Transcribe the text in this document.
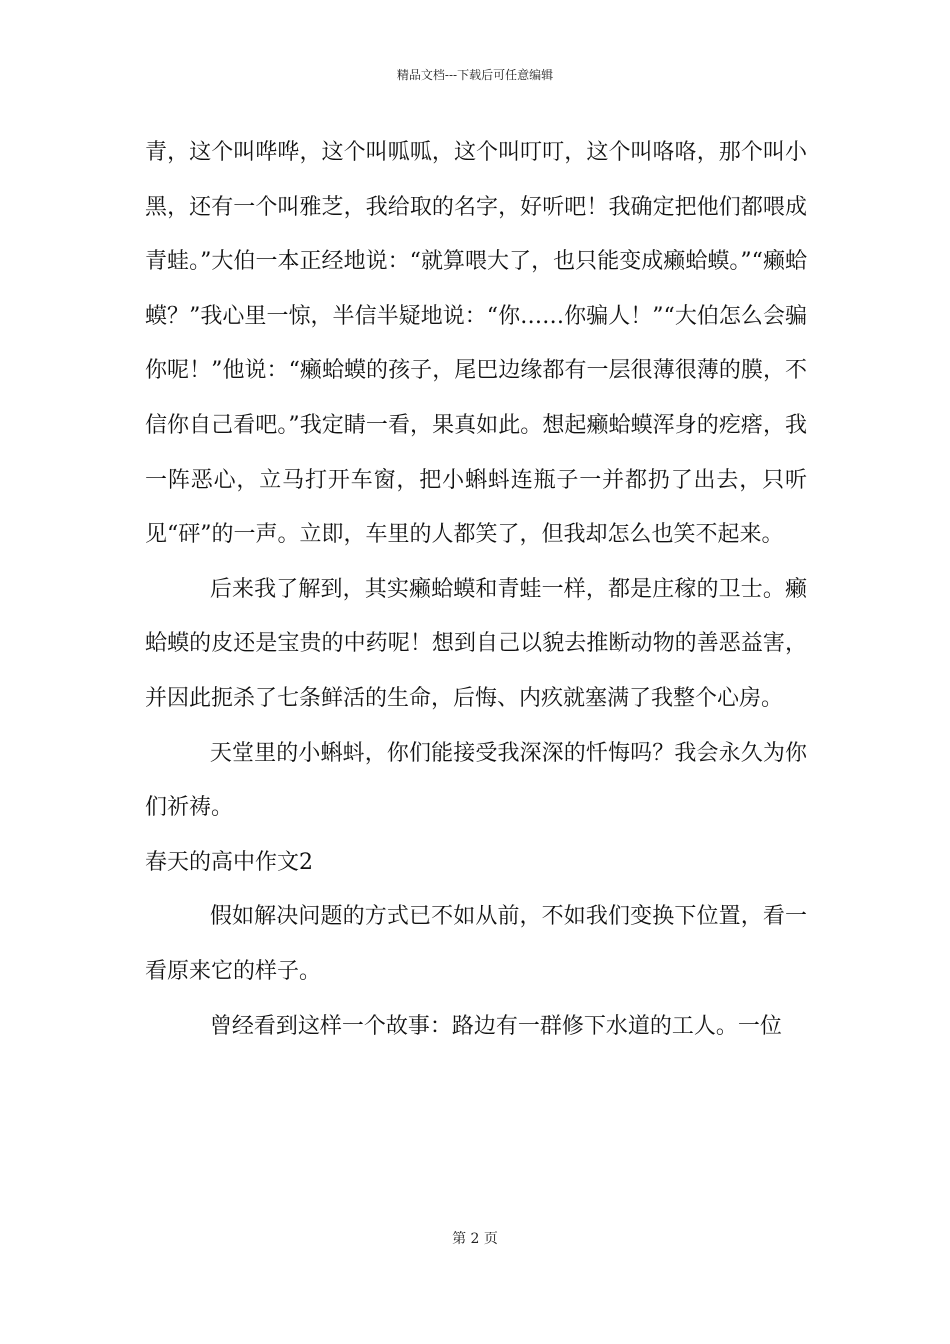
精品文档---下载后可任意编辑

青，这个叫哗哗，这个叫呱呱，这个叫叮叮，这个叫咯咯，那个叫小黑，还有一个叫雅芝，我给取的名字，好听吧！我确定把他们都喂成青蛙。”大伯一本正经地说：“就算喂大了，也只能变成癞蛤蟆。”“癞蛤蟆？”我心里一惊，半信半疑地说：“你……你骗人！”“大伯怎么会骗你呢！”他说：“癞蛤蟆的孩子，尾巴边缘都有一层很薄很薄的膜，不信你自己看吧。”我定睛一看，果真如此。想起癞蛤蟆浑身的疙瘩，我一阵恶心，立马打开车窗，把小蝌蚪连瓶子一并都扔了出去，只听见“砰”的一声。立即，车里的人都笑了，但我却怎么也笑不起来。

后来我了解到，其实癞蛤蟆和青蛙一样，都是庄稼的卫士。癞蛤蟆的皮还是宝贵的中药呢！想到自己以貌去推断动物的善恶益害，并因此扼杀了七条鲜活的生命，后悔、内疚就塞满了我整个心房。

天堂里的小蝌蚪，你们能接受我深深的忏悔吗？我会永久为你们祈祷。

春天的高中作文2

假如解决问题的方式已不如从前，不如我们变换下位置，看一看原来它的样子。

曾经看到这样一个故事：路边有一群修下水道的工人。一位

第 2 页
